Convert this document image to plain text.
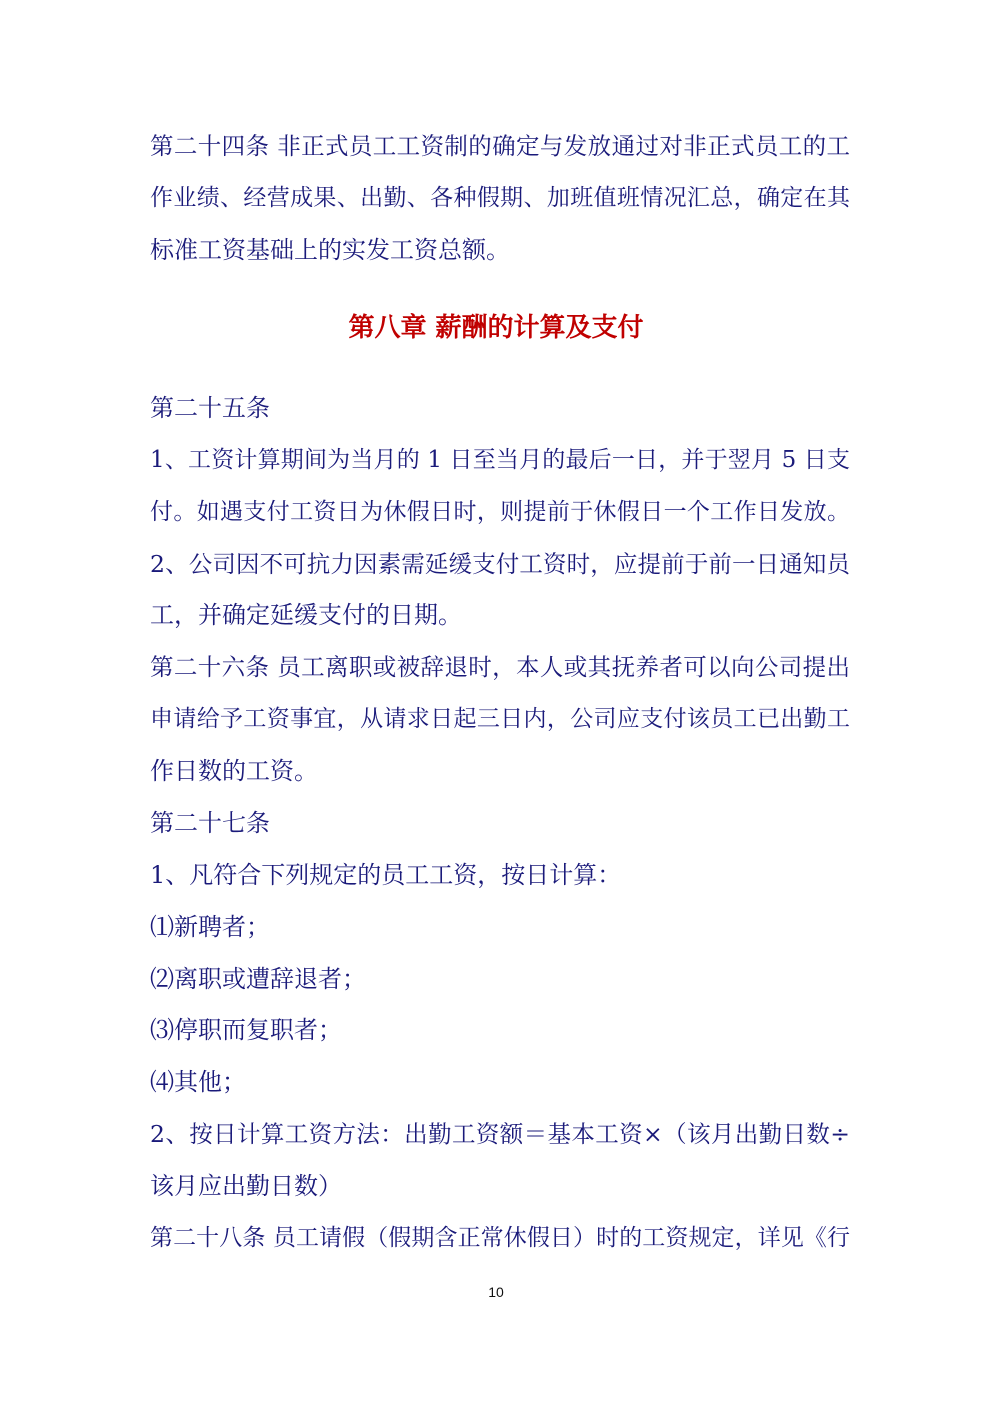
第二十四条 非正式员工工资制的确定与发放通过对非正式员工的工
作业绩、经营成果、出勤、各种假期、加班值班情况汇总，确定在其
标准工资基础上的实发工资总额。
第八章 薪酬的计算及支付
第二十五条
1、工资计算期间为当月的 1 日至当月的最后一日，并于翌月 5 日支
付。如遇支付工资日为休假日时，则提前于休假日一个工作日发放。
2、公司因不可抗力因素需延缓支付工资时，应提前于前一日通知员
工，并确定延缓支付的日期。
第二十六条 员工离职或被辞退时，本人或其抚养者可以向公司提出
申请给予工资事宜，从请求日起三日内，公司应支付该员工已出勤工
作日数的工资。
第二十七条
1、凡符合下列规定的员工工资，按日计算：
⑴新聘者；
⑵离职或遭辞退者；
⑶停职而复职者；
⑷其他；
2、按日计算工资方法：出勤工资额＝基本工资×（该月出勤日数÷
该月应出勤日数）
第二十八条 员工请假（假期含正常休假日）时的工资规定，详见《行
10
